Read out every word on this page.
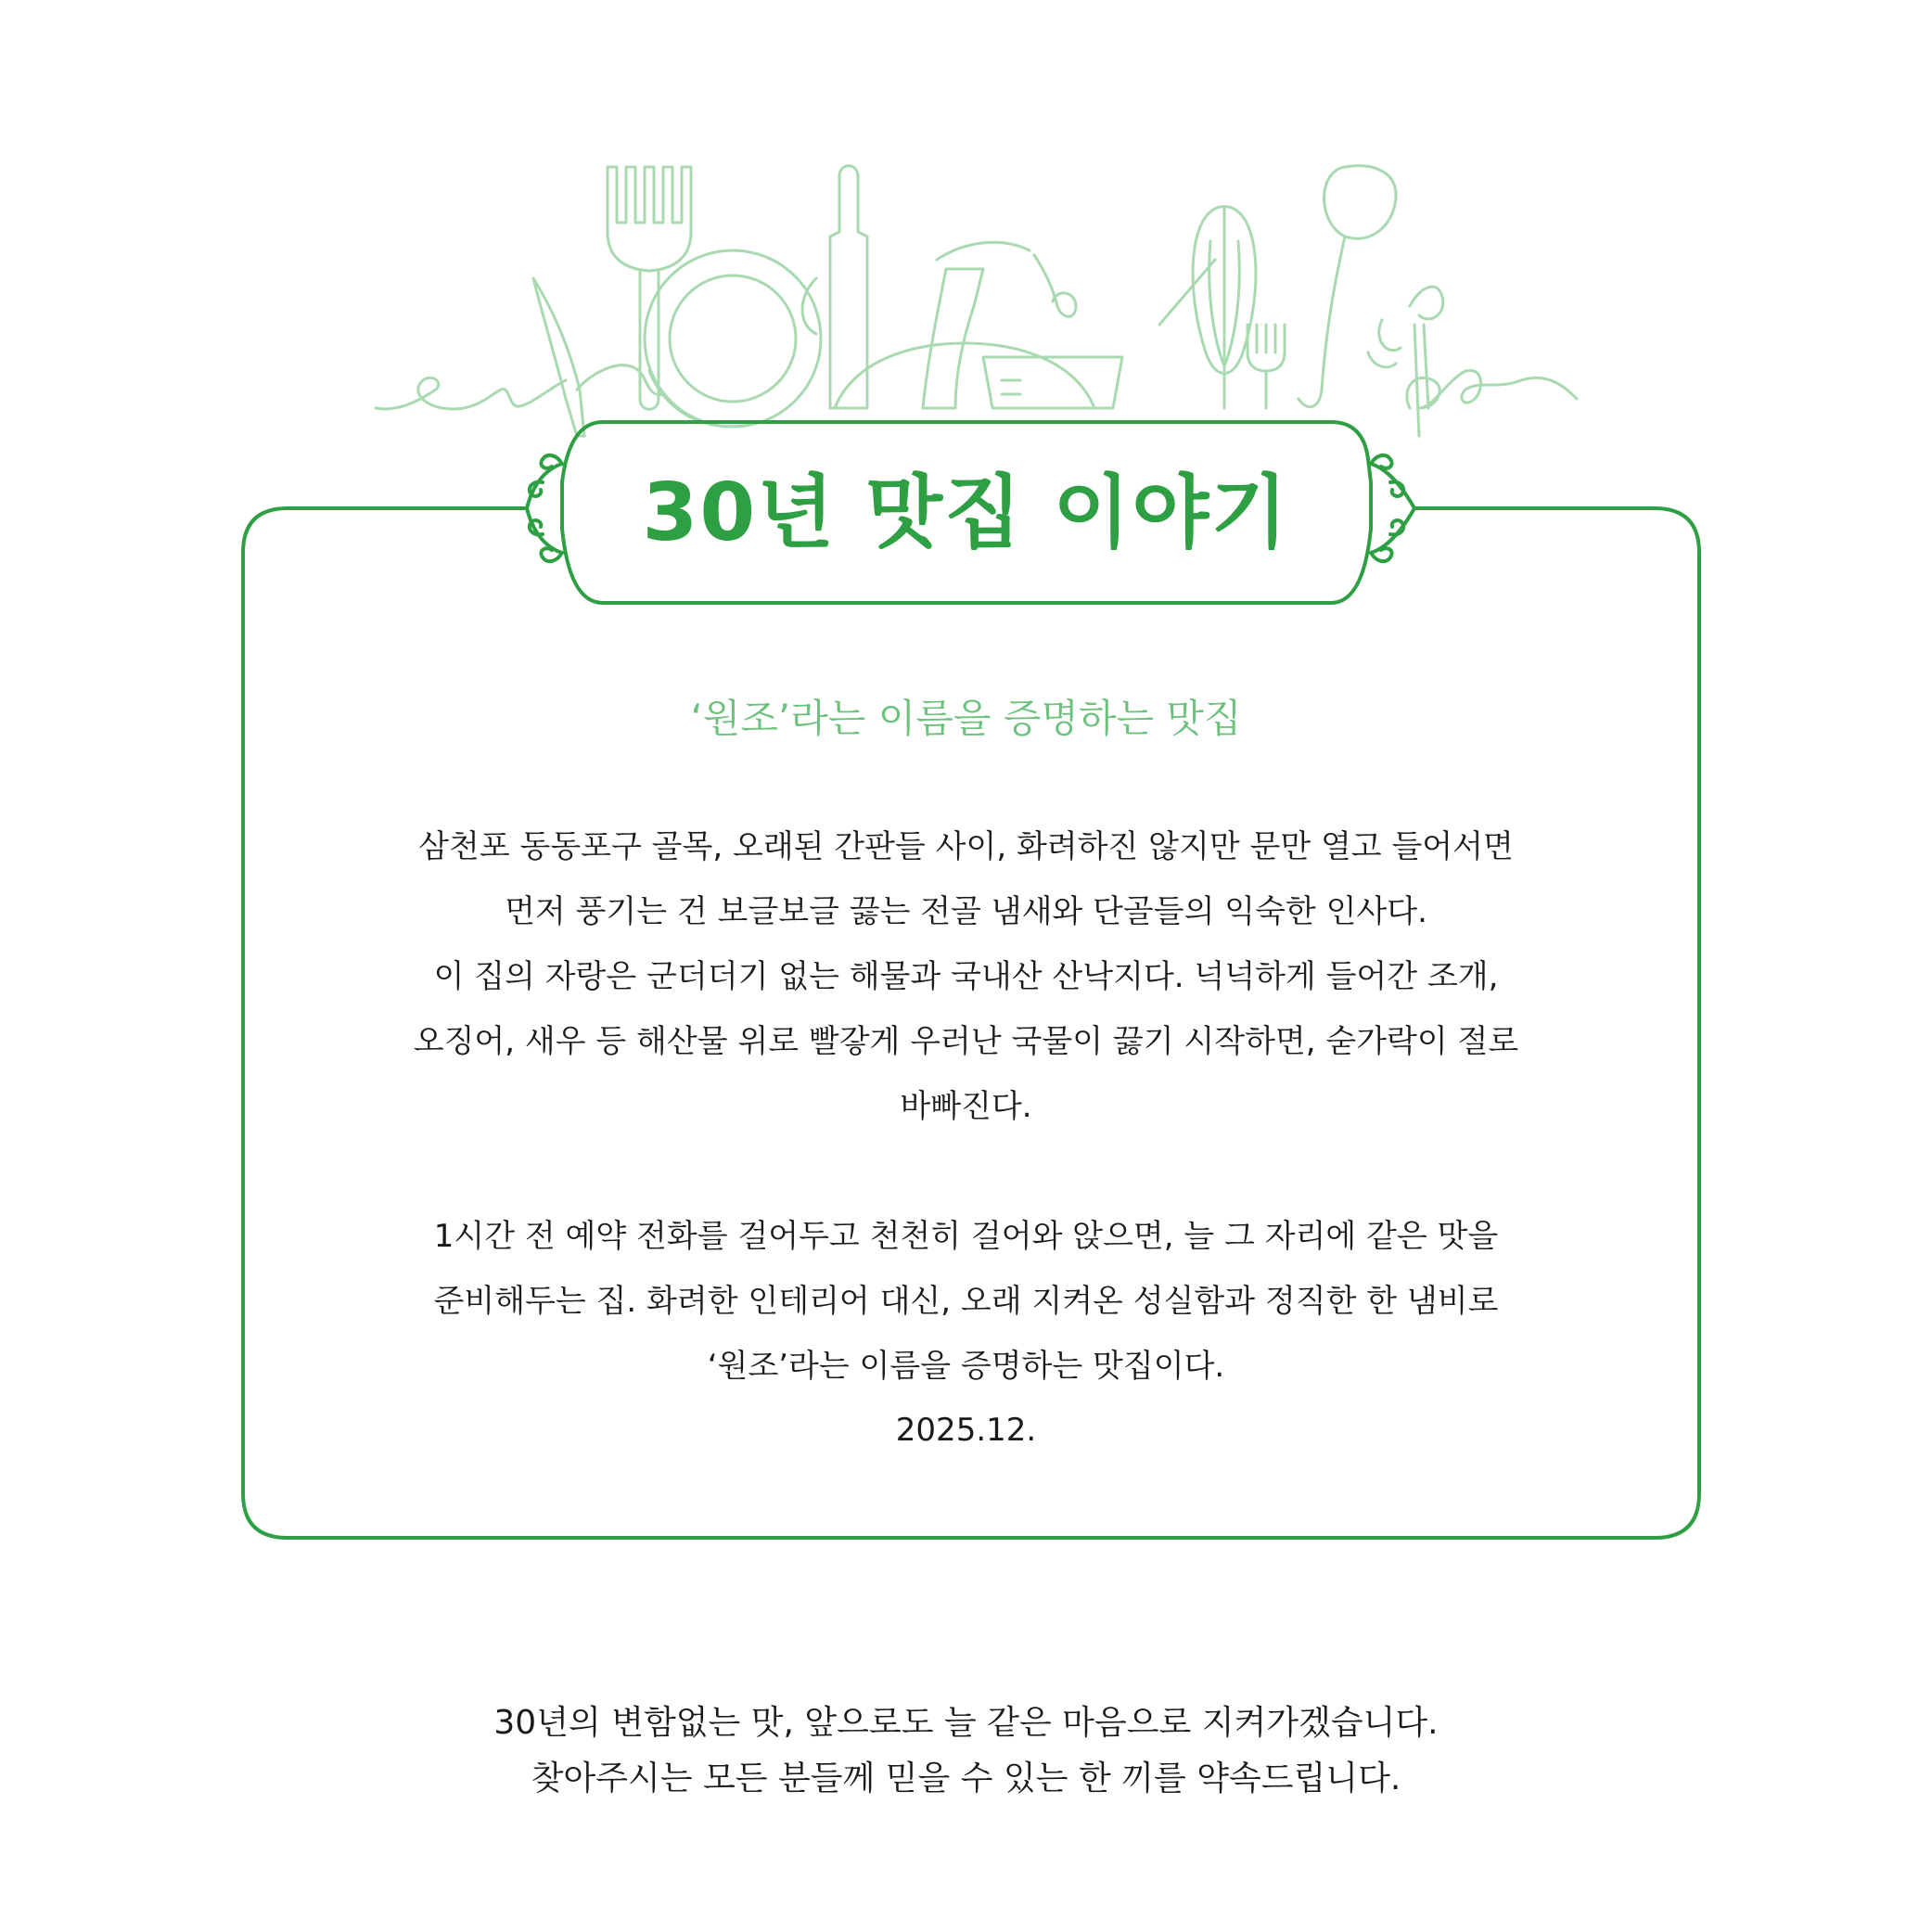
30년 맛집 이야기
‘원조’라는 이름을 증명하는 맛집
삼천포 동동포구 골목, 오래된 간판들 사이, 화려하진 않지만 문만 열고 들어서면
먼저 풍기는 건 보글보글 끓는 전골 냄새와 단골들의 익숙한 인사다.
이 집의 자랑은 군더더기 없는 해물과 국내산 산낙지다. 넉넉하게 들어간 조개,
오징어, 새우 등 해산물 위로 빨갛게 우러난 국물이 끓기 시작하면, 숟가락이 절로
바빠진다.
1시간 전 예약 전화를 걸어두고 천천히 걸어와 앉으면, 늘 그 자리에 같은 맛을
준비해두는 집. 화려한 인테리어 대신, 오래 지켜온 성실함과 정직한 한 냄비로
‘원조’라는 이름을 증명하는 맛집이다.
2025.12.
30년의 변함없는 맛, 앞으로도 늘 같은 마음으로 지켜가겠습니다.
찾아주시는 모든 분들께 믿을 수 있는 한 끼를 약속드립니다.
